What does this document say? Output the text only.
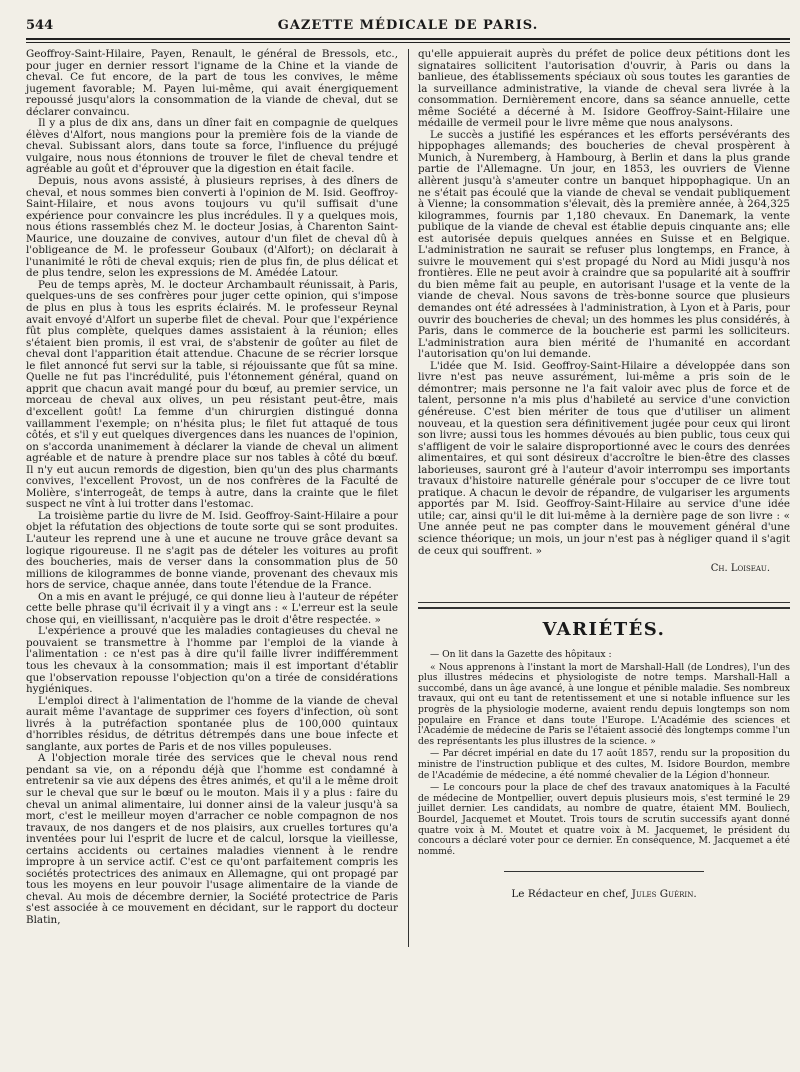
544	GAZETTE MÉDICALE DE PARIS.

Geoffroy-Saint-Hilaire, Payen, Renault, le général de Bressols, etc., pour juger en dernier ressort l'igname de la Chine et la viande de cheval. Ce fut encore, de la part de tous les convives, le même jugement favorable; M. Payen lui-même, qui avait énergiquement repoussé jusqu'alors la consommation de la viande de cheval, dut se déclarer convaincu.

Il y a plus de dix ans, dans un dîner fait en compagnie de quelques élèves d'Alfort, nous mangions pour la première fois de la viande de cheval. Subissant alors, dans toute sa force, l'influence du préjugé vulgaire, nous nous étonnions de trouver le filet de cheval tendre et agréable au goût et d'éprouver que la digestion en était facile.

Depuis, nous avons assisté, à plusieurs reprises, à des dîners de cheval, et nous sommes bien converti à l'opinion de M. Isid. Geoffroy-Saint-Hilaire, et nous avons toujours vu qu'il suffisait d'une expérience pour convaincre les plus incrédules. Il y a quelques mois, nous étions rassemblés chez M. le docteur Josias, à Charenton Saint-Maurice, une douzaine de convives, autour d'un filet de cheval dû à l'obligeance de M. le professeur Goubaux (d'Alfort); on déclarait à l'unanimité le rôti de cheval exquis; rien de plus fin, de plus délicat et de plus tendre, selon les expressions de M. Amédée Latour.

Peu de temps après, M. le docteur Archambault réunissait, à Paris, quelques-uns de ses confrères pour juger cette opinion, qui s'impose de plus en plus à tous les esprits éclairés. M. le professeur Reynal avait envoyé d'Alfort un superbe filet de cheval. Pour que l'expérience fût plus complète, quelques dames assistaient à la réunion; elles s'étaient bien promis, il est vrai, de s'abstenir de goûter au filet de cheval dont l'apparition était attendue. Chacune de se récrier lorsque le filet annoncé fut servi sur la table, si réjouissante que fût sa mine. Quelle ne fut pas l'incrédulité, puis l'étonnement général, quand on apprit que chacun avait mangé pour du bœuf, au premier service, un morceau de cheval aux olives, un peu résistant peut-être, mais d'excellent goût! La femme d'un chirurgien distingué donna vaillamment l'exemple; on n'hésita plus; le filet fut attaqué de tous côtés, et s'il y eut quelques divergences dans les nuances de l'opinion, on s'accorda unanimement à déclarer la viande de cheval un aliment agréable et de nature à prendre place sur nos tables à côté du bœuf. Il n'y eut aucun remords de digestion, bien qu'un des plus charmants convives, l'excellent Provost, un de nos confrères de la Faculté de Molière, s'interrogeât, de temps à autre, dans la crainte que le filet suspect ne vînt à lui trotter dans l'estomac.

La troisième partie du livre de M. Isid. Geoffroy-Saint-Hilaire a pour objet la réfutation des objections de toute sorte qui se sont produites. L'auteur les reprend une à une et aucune ne trouve grâce devant sa logique rigoureuse. Il ne s'agit pas de dételer les voitures au profit des boucheries, mais de verser dans la consommation plus de 50 millions de kilogrammes de bonne viande, provenant des chevaux mis hors de service, chaque année, dans toute l'étendue de la France.

On a mis en avant le préjugé, ce qui donne lieu à l'auteur de répéter cette belle phrase qu'il écrivait il y a vingt ans : « L'erreur est la seule chose qui, en vieillissant, n'acquière pas le droit d'être respectée. »

L'expérience a prouvé que les maladies contagieuses du cheval ne pouvaient se transmettre à l'homme par l'emploi de la viande à l'alimentation : ce n'est pas à dire qu'il faille livrer indifféremment tous les chevaux à la consommation; mais il est important d'établir que l'observation repousse l'objection qu'on a tirée de considérations hygiéniques.

L'emploi direct à l'alimentation de l'homme de la viande de cheval aurait même l'avantage de supprimer ces foyers d'infection, où sont livrés à la putréfaction spontanée plus de 100,000 quintaux d'horribles résidus, de détritus détrempés dans une boue infecte et sanglante, aux portes de Paris et de nos villes populeuses.

A l'objection morale tirée des services que le cheval nous rend pendant sa vie, on a répondu déjà que l'homme est condamné à entretenir sa vie aux dépens des êtres animés, et qu'il a le même droit sur le cheval que sur le bœuf ou le mouton. Mais il y a plus : faire du cheval un animal alimentaire, lui donner ainsi de la valeur jusqu'à sa mort, c'est le meilleur moyen d'arracher ce noble compagnon de nos travaux, de nos dangers et de nos plaisirs, aux cruelles tortures qu'a inventées pour lui l'esprit de lucre et de calcul, lorsque la vieillesse, certains accidents ou certaines maladies viennent à le rendre impropre à un service actif. C'est ce qu'ont parfaitement compris les sociétés protectrices des animaux en Allemagne, qui ont propagé par tous les moyens en leur pouvoir l'usage alimentaire de la viande de cheval. Au mois de décembre dernier, la Société protectrice de Paris s'est associée à ce mouvement en décidant, sur le rapport du docteur Blatin,

qu'elle appuierait auprès du préfet de police deux pétitions dont les signataires sollicitent l'autorisation d'ouvrir, à Paris ou dans la banlieue, des établissements spéciaux où sous toutes les garanties de la surveillance administrative, la viande de cheval sera livrée à la consommation. Dernièrement encore, dans sa séance annuelle, cette même Société a décerné à M. Isidore Geoffroy-Saint-Hilaire une médaille de vermeil pour le livre même que nous analysons.

Le succès a justifié les espérances et les efforts persévérants des hippophages allemands; des boucheries de cheval prospèrent à Munich, à Nuremberg, à Hambourg, à Berlin et dans la plus grande partie de l'Allemagne. Un jour, en 1853, les ouvriers de Vienne allèrent jusqu'à s'ameuter contre un banquet hippophagique. Un an ne s'était pas écoulé que la viande de cheval se vendait publiquement à Vienne; la consommation s'élevait, dès la première année, à 264,325 kilogrammes, fournis par 1,180 chevaux. En Danemark, la vente publique de la viande de cheval est établie depuis cinquante ans; elle est autorisée depuis quelques années en Suisse et en Belgique. L'administration ne saurait se refuser plus longtemps, en France, à suivre le mouvement qui s'est propagé du Nord au Midi jusqu'à nos frontières. Elle ne peut avoir à craindre que sa popularité ait à souffrir du bien même fait au peuple, en autorisant l'usage et la vente de la viande de cheval. Nous savons de très-bonne source que plusieurs demandes ont été adressées à l'administration, à Lyon et à Paris, pour ouvrir des boucheries de cheval; un des hommes les plus considérés, à Paris, dans le commerce de la boucherie est parmi les solliciteurs. L'administration aura bien mérité de l'humanité en accordant l'autorisation qu'on lui demande.

L'idée que M. Isid. Geoffroy-Saint-Hilaire a développée dans son livre n'est pas neuve assurément, lui-même a pris soin de le démontrer; mais personne ne l'a fait valoir avec plus de force et de talent, personne n'a mis plus d'habileté au service d'une conviction généreuse. C'est bien mériter de tous que d'utiliser un aliment nouveau, et la question sera définitivement jugée pour ceux qui liront son livre; aussi tous les hommes dévoués au bien public, tous ceux qui s'affligent de voir le salaire disproportionné avec le cours des denrées alimentaires, et qui sont désireux d'accroître le bien-être des classes laborieuses, sauront gré à l'auteur d'avoir interrompu ses importants travaux d'histoire naturelle générale pour s'occuper de ce livre tout pratique. A chacun le devoir de répandre, de vulgariser les arguments apportés par M. Isid. Geoffroy-Saint-Hilaire au service d'une idée utile; car, ainsi qu'il le dit lui-même à la dernière page de son livre : « Une année peut ne pas compter dans le mouvement général d'une science théorique; un mois, un jour n'est pas à négliger quand il s'agit de ceux qui souffrent. »

Ch. Loiseau.
VARIÉTÉS.

— On lit dans la Gazette des hôpitaux :

« Nous apprenons à l'instant la mort de Marshall-Hall (de Londres), l'un des plus illustres médecins et physiologiste de notre temps. Marshall-Hall a succombé, dans un âge avancé, à une longue et pénible maladie. Ses nombreux travaux, qui ont eu tant de retentissement et une si notable influence sur les progrès de la physiologie moderne, avaient rendu depuis longtemps son nom populaire en France et dans toute l'Europe. L'Académie des sciences et l'Académie de médecine de Paris se l'étaient associé dès longtemps comme l'un des représentants les plus illustres de la science. »

— Par décret impérial en date du 17 août 1857, rendu sur la proposition du ministre de l'instruction publique et des cultes, M. Isidore Bourdon, membre de l'Académie de médecine, a été nommé chevalier de la Légion d'honneur.

— Le concours pour la place de chef des travaux anatomiques à la Faculté de médecine de Montpellier, ouvert depuis plusieurs mois, s'est terminé le 29 juillet dernier. Les candidats, au nombre de quatre, étaient MM. Bouliech, Bourdel, Jacquemet et Moutet. Trois tours de scrutin successifs ayant donné quatre voix à M. Moutet et quatre voix à M. Jacquemet, le président du concours a déclaré voter pour ce dernier. En conséquence, M. Jacquemet a été nommé.

Le Rédacteur en chef, Jules Guérin.
